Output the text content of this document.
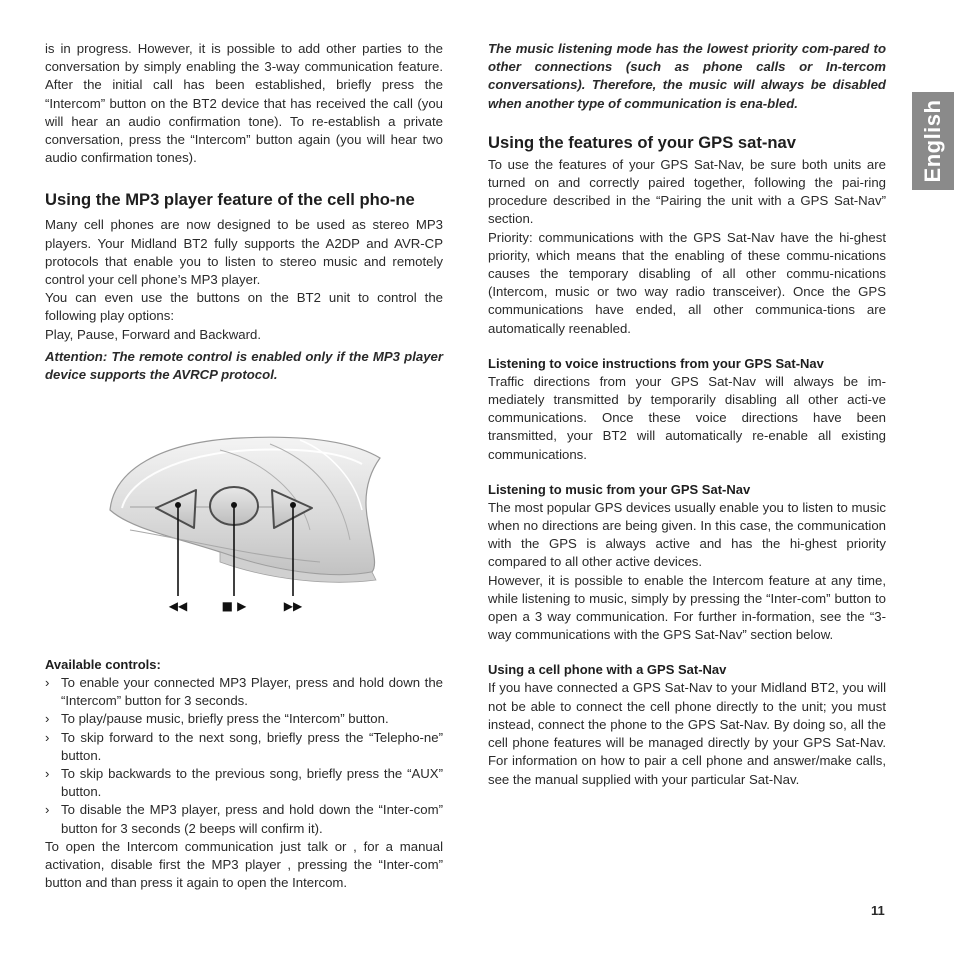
English

is in progress. However, it is possible to add other parties to the conversation by simply enabling the 3-way communication feature. After the initial call has been established, briefly press the “Intercom” button on the BT2 device that has received the call (you will hear an audio confirmation tone). To re-establish a private conversation, press the “Intercom” button again (you will hear two audio confirmation tones).

Using the MP3 player feature of the cell pho-ne

Many cell phones are now designed to be used as stereo MP3 players. Your Midland BT2 fully supports the A2DP and AVR-CP protocols that enable you to listen to stereo music and remotely control your cell phone’s MP3 player.

You can even use the buttons on the BT2 unit to control the following play options:

Play, Pause, Forward and Backward.

Attention: The remote control is enabled only if the MP3 player device supports the AVRCP protocol.

◀◀	■ ▶	▶▶
Available controls:
› To enable your connected MP3 Player, press and hold down the “Intercom” button for 3 seconds.
› To play/pause music, briefly press the “Intercom” button.
› To skip forward to the next song, briefly press the “Telepho-ne” button.
› To skip backwards to the previous song, briefly press the “AUX” button.
› To disable the MP3 player, press and hold down the “Inter-com” button for 3 seconds (2 beeps will confirm it).

To open the Intercom communication just talk or , for a manual activation, disable first the MP3 player , pressing the “Inter-com” button and than press it again to open the Intercom.

The music listening mode has the lowest priority com-pared to other connections (such as phone calls or In-tercom conversations). Therefore, the music will always be disabled when another type of communication is ena-bled.

Using the features of your GPS sat-nav

To use the features of your GPS Sat-Nav, be sure both units are turned on and correctly paired together, following the pai-ring procedure described in the “Pairing the unit with a GPS Sat-Nav” section.

Priority: communications with the GPS Sat-Nav have the hi-ghest priority, which means that the enabling of these commu-nications causes the temporary disabling of all other commu-nications (Intercom, music or two way radio transceiver). Once the GPS communications have ended, all other communica-tions are automatically reenabled.

Listening to voice instructions from your GPS Sat-Nav

Traffic directions from your GPS Sat-Nav will always be im-mediately transmitted by temporarily disabling all other acti-ve communications. Once these voice directions have been transmitted, your BT2 will automatically re-enable all existing communications.

Listening to music from your GPS Sat-Nav

The most popular GPS devices usually enable you to listen to music when no directions are being given. In this case, the communication with the GPS is always active and has the hi-ghest priority compared to all other active devices.

However, it is possible to enable the Intercom feature at any time, while listening to music, simply by pressing the “Inter-com” button to open a 3 way communication. For further in-formation, see the “3-way communications with the GPS Sat-Nav” section below.

Using a cell phone with a GPS Sat-Nav

If you have connected a GPS Sat-Nav to your Midland BT2, you will not be able to connect the cell phone directly to the unit; you must instead, connect the phone to the GPS Sat-Nav. By doing so, all the cell phone features will be managed directly by your GPS Sat-Nav. For information on how to pair a cell phone and answer/make calls, see the manual supplied with your particular Sat-Nav.

11
